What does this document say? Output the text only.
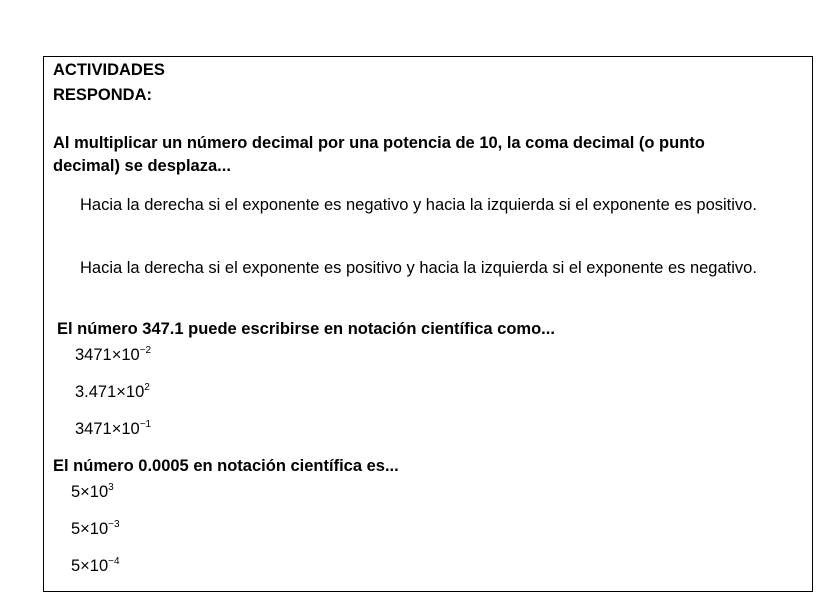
ACTIVIDADES
RESPONDA:
Al multiplicar un número decimal por una potencia de 10, la coma decimal (o punto decimal) se desplaza...
Hacia la derecha si el exponente es negativo y hacia la izquierda si el exponente es positivo.
Hacia la derecha si el exponente es positivo y hacia la izquierda si el exponente es negativo.
El número 347.1 puede escribirse en notación científica como...
$3471\times 10^{-2}$
$3.471\times 10^2$
$3471\times 10^{-1}$
El número 0.0005 en notación científica es...
$5\times 10^3$
$5\times 10^{-3}$
$5\times 10^{-4}$
